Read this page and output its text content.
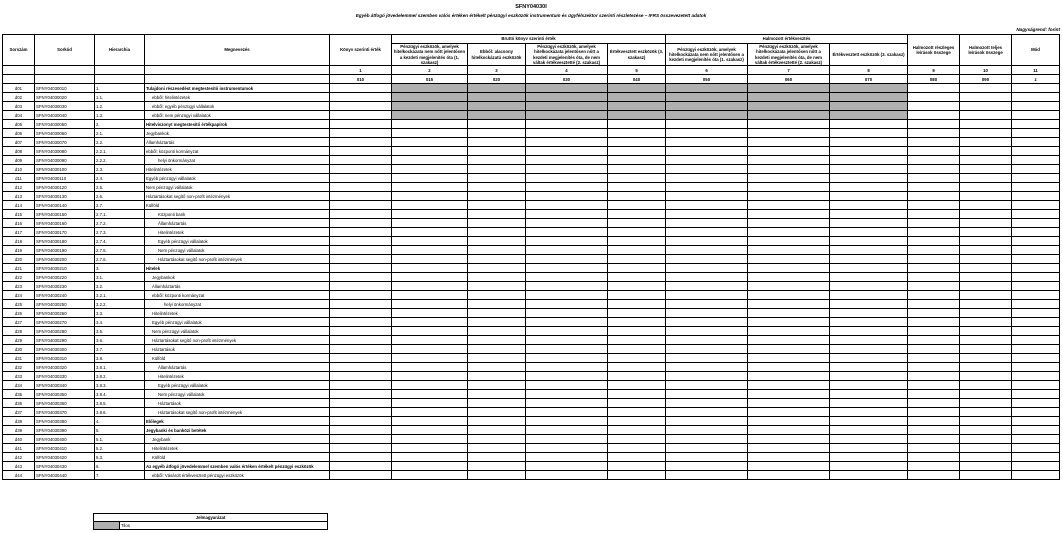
SFNY04030I
Egyéb átfogó jövedelemmel szemben valós értéken értékelt pénzügyi eszközök instrumentum és ügyfélszektor szerinti részletezése – IFRS összevezetett adatok
Nagyságrend: forint
Sorszám	Sorkód	Hierarchia	Megnevezés	Könyv szerinti érték	Bruttó könyv szerinti érték				Halmozott értékvesztés			Halmozott részleges leírások összege	Halmozott teljes leírások összege	Mód
					Pénzügyi eszközök, amelyek hitelkockázata nem nőtt jelentősen a kezdeti megjelenítés óta (1. szakasz)	Ebből: alacsony hitelkockázatú eszközök	Pénzügyi eszközök, amelyek hitelkockázata jelentősen nőtt a kezdeti megjelenítés óta, de nem váltak értékvesztetté (2. szakasz)	Értékvesztett eszközök (3. szakasz)	Pénzügyi eszközök, amelyek hitelkockázata nem nőtt jelentősen a kezdeti megjelenítés óta (1. szakasz)	Pénzügyi eszközök, amelyek hitelkockázata jelentősen nőtt a kezdeti megjelenítés óta, de nem váltak értékvesztetté (2. szakasz)	Értékvesztett eszközök (3. szakasz)			
				1	2	3	4	5	6	7	8	9	10	11
				010	015	020	030	040	050	060	070	080	090	z
d01	SFNY04030010	1.	Tulajdoni részesedést megtestesítő instrumentumok											
d02	SFNY04030020	1.1.	ebből: hitelintézetek											
d03	SFNY04030030	1.2.	ebből: egyéb pénzügyi vállalatok											
d04	SFNY04030040	1.3.	ebből: nem pénzügyi vállalatok											
d05	SFNY04030050	2.	Hitelviszonyt megtestesítő értékpapírok											
d06	SFNY04030060	2.1.	Jegybankok											
d07	SFNY04030070	2.2.	Államháztartás											
d08	SFNY04030080	2.2.1.	ebből: központi kormányzat											
d09	SFNY04030090	2.2.2.	helyi önkormányzat											
d10	SFNY04030100	2.3.	Hitelintézetek											
d11	SFNY04030110	2.4.	Egyéb pénzügyi vállalatok											
d12	SFNY04030120	2.5.	Nem pénzügyi vállalatok											
d13	SFNY04030130	2.6.	Háztartásokat segítő non-profit intézmények											
d14	SFNY04030140	2.7.	Külföld											
d15	SFNY04030150	2.7.1.	Központi bank											
d16	SFNY04030160	2.7.2.	Államháztartás											
d17	SFNY04030170	2.7.3.	Hitelintézetek											
d18	SFNY04030180	2.7.4.	Egyéb pénzügyi vállalatok											
d19	SFNY04030190	2.7.5.	Nem pénzügyi vállalatok											
d20	SFNY04030200	2.7.6.	Háztartásokat segítő non-profit intézmények											
d21	SFNY04030210	3.	Hitelek											
d22	SFNY04030220	3.1.	Jegybankok											
d23	SFNY04030230	3.2.	Államháztartás											
d24	SFNY04030240	3.2.1.	ebből: központi kormányzat											
d25	SFNY04030250	3.2.2.	helyi önkormányzat											
d26	SFNY04030260	3.3.	Hitelintézetek											
d27	SFNY04030270	3.4.	Egyéb pénzügyi vállalatok											
d28	SFNY04030280	3.5.	Nem pénzügyi vállalatok											
d29	SFNY04030290	3.6.	Háztartásokat segítő non-profit intézmények											
d30	SFNY04030300	3.7.	Háztartások											
d31	SFNY04030310	3.8.	Külföld											
d32	SFNY04030320	3.8.1.	Államháztartás											
d33	SFNY04030330	3.8.2.	Hitelintézetek											
d34	SFNY04030340	3.8.3.	Egyéb pénzügyi vállalatok											
d35	SFNY04030350	3.8.4.	Nem pénzügyi vállalatok											
d36	SFNY04030360	3.8.5.	Háztartások											
d37	SFNY04030370	3.8.6.	Háztartásokat segítő non-profit intézmények											
d38	SFNY04030380	4.	Előlegek											
d39	SFNY04030390	5.	Jegybanki és banközi betétek											
d40	SFNY04030400	5.1.	Jegybank											
d41	SFNY04030410	5.2.	Hitelintézetek											
d42	SFNY04030420	5.3.	Külföld											
d43	SFNY04030430	6.	Az egyéb átfogó jövedelemmel szemben valós értéken értékelt pénzügyi eszközök											
d44	SFNY04030440	7.	ebből: Vásárolt értékvesztett pénzügyi eszközök											
Jelmagyarázat
	Tilos
